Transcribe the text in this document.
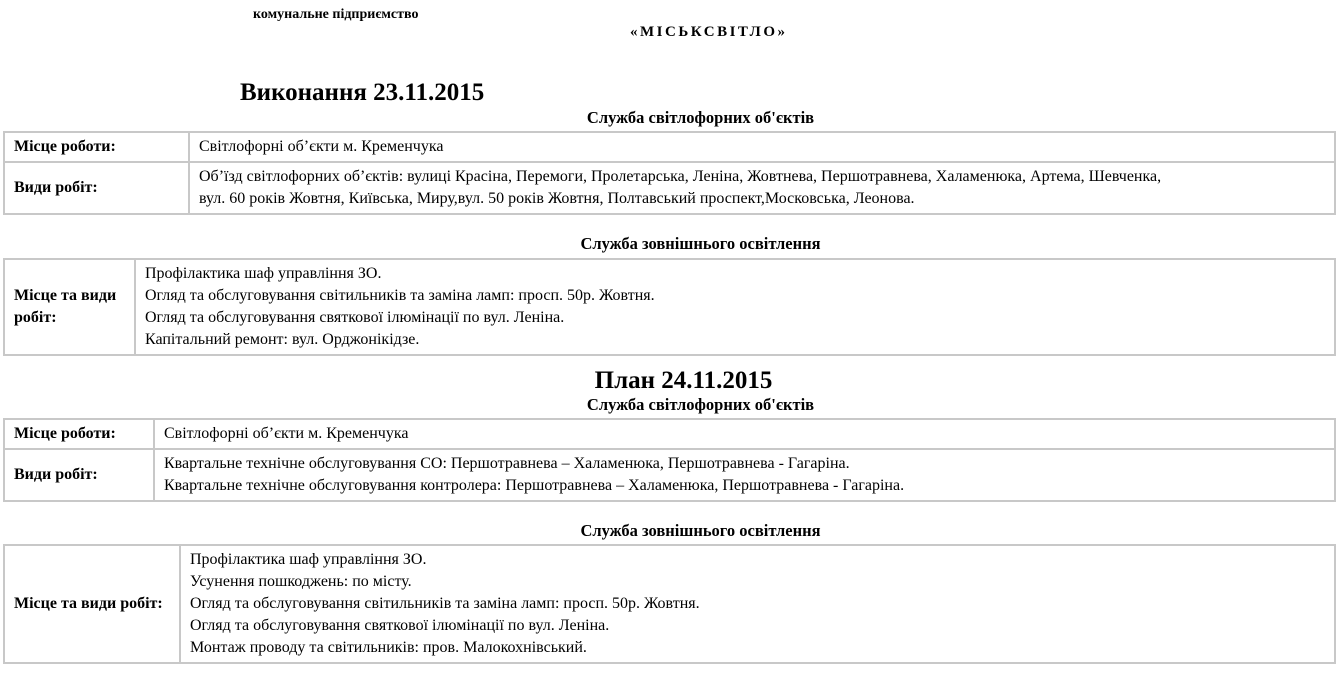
комунальне підприємство
«МІСЬКСВІТЛО»
Виконання 23.11.2015
Служба світлофорних об'єктів
Місце роботи:	Світлофорні об’єкти м. Кременчука

Види робіт:	Об’їзд світлофорних об’єктів: вулиці Красіна, Перемоги, Пролетарська, Леніна, Жовтнева, Першотравнева, Халаменюка, Артема, Шевченка,
вул. 60 років Жовтня, Київська, Миру,вул. 50 років Жовтня, Полтавський проспект,Московська, Леонова.
Служба зовнішнього освітлення
Місце та види робіт:	
Профілактика шаф управління ЗО.
Огляд та обслуговування світильників та заміна ламп: просп. 50р. Жовтня.
Огляд та обслуговування святкової ілюмінації по вул. Леніна.
Капітальний ремонт: вул. Орджонікідзе.
План 24.11.2015
Служба світлофорних об'єктів
Місце роботи:	Світлофорні об’єкти м. Кременчука

Види робіт:	Квартальне технічне обслуговування СО: Першотравнева – Халаменюка, Першотравнева - Гагаріна.
Квартальне технічне обслуговування контролера: Першотравнева – Халаменюка, Першотравнева - Гагаріна.
Служба зовнішнього освітлення
Місце та види робіт:	
Профілактика шаф управління ЗО.
Усунення пошкоджень: по місту.
Огляд та обслуговування світильників та заміна ламп: просп. 50р. Жовтня.
Огляд та обслуговування святкової ілюмінації по вул. Леніна.
Монтаж проводу та світильників: пров. Малокохнівський.
